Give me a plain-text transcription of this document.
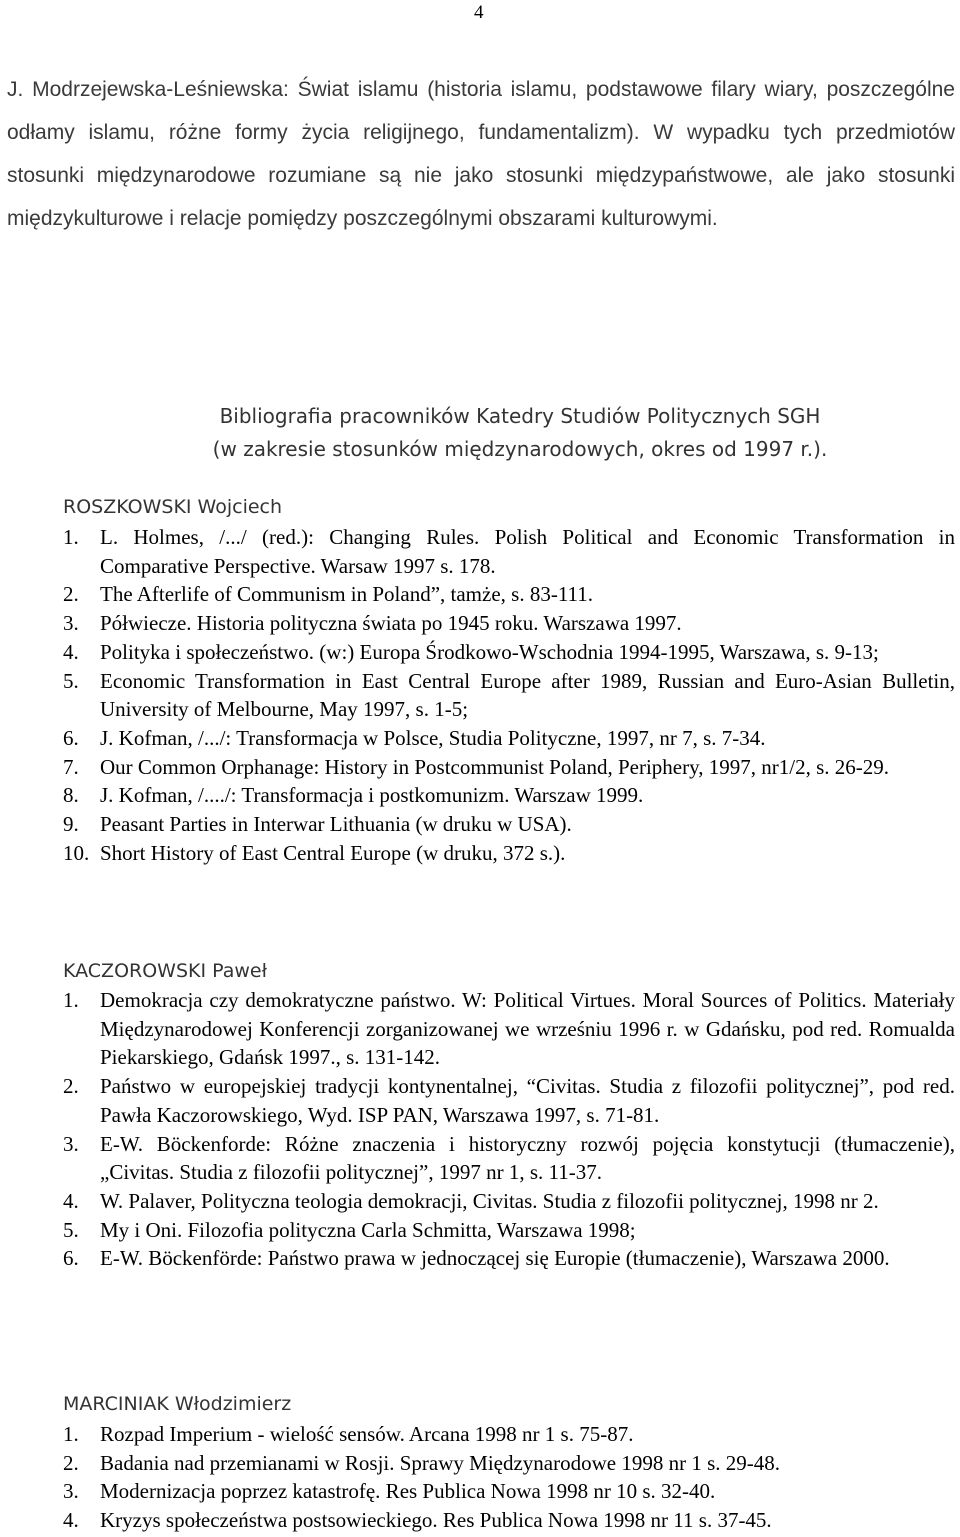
4
J. Modrzejewska-Leśniewska: Świat islamu (historia islamu, podstawowe filary wiary, poszczególne odłamy islamu, różne formy życia religijnego, fundamentalizm). W wypadku tych przedmiotów stosunki międzynarodowe rozumiane są nie jako stosunki międzypaństwowe, ale jako stosunki międzykulturowe i relacje pomiędzy poszczególnymi obszarami kulturowymi.
Bibliografia pracowników Katedry Studiów Politycznych SGH
(w zakresie stosunków międzynarodowych, okres od 1997 r.).
ROSZKOWSKI Wojciech
1.	L. Holmes, /.../ (red.): Changing Rules. Polish Political and Economic Transformation in Comparative Perspective. Warsaw 1997 s. 178.
2.	The Afterlife of Communism in Poland”, tamże, s. 83-111.
3.	Półwiecze. Historia polityczna świata po 1945 roku. Warszawa 1997.
4.	Polityka i społeczeństwo. (w:) Europa Środkowo-Wschodnia 1994-1995, Warszawa, s. 9-13;
5.	Economic Transformation in East Central Europe after 1989, Russian and Euro-Asian Bulletin, University of Melbourne, May 1997, s. 1-5;
6.	J. Kofman, /.../: Transformacja w Polsce, Studia Polityczne, 1997, nr 7, s. 7-34.
7.	Our Common Orphanage: History in Postcommunist Poland, Periphery, 1997, nr1/2, s. 26-29.
8.	J. Kofman, /..../: Transformacja i postkomunizm. Warszaw 1999.
9.	Peasant Parties in Interwar Lithuania (w druku w USA).
10. Short History of East Central Europe (w druku, 372 s.).
KACZOROWSKI Paweł
1.	Demokracja czy demokratyczne państwo. W: Political Virtues. Moral Sources of Politics. Materiały Międzynarodowej Konferencji zorganizowanej we wrześniu 1996 r. w Gdańsku, pod red. Romualda Piekarskiego, Gdańsk 1997., s. 131-142.
2.	Państwo w europejskiej tradycji kontynentalnej, “Civitas. Studia z filozofii politycznej”, pod red. Pawła Kaczorowskiego, Wyd. ISP PAN, Warszawa 1997, s. 71-81.
3.	E-W. Böckenforde: Różne znaczenia i historyczny rozwój pojęcia konstytucji (tłumaczenie), „Civitas. Studia z filozofii politycznej”, 1997 nr 1, s. 11-37.
4.	W. Palaver, Polityczna teologia demokracji, Civitas. Studia z filozofii politycznej, 1998 nr 2.
5.	My i Oni. Filozofia polityczna Carla Schmitta, Warszawa 1998;
6.	E-W. Böckenförde: Państwo prawa w jednoczącej się Europie (tłumaczenie), Warszawa 2000.
MARCINIAK Włodzimierz
1.	Rozpad Imperium - wielość sensów. Arcana 1998 nr 1 s. 75-87.
2.	Badania nad przemianami w Rosji. Sprawy Międzynarodowe 1998 nr 1 s. 29-48.
3.	Modernizacja poprzez katastrofę. Res Publica Nowa 1998 nr 10 s. 32-40.
4.	Kryzys społeczeństwa postsowieckiego. Res Publica Nowa 1998 nr 11 s. 37-45.
